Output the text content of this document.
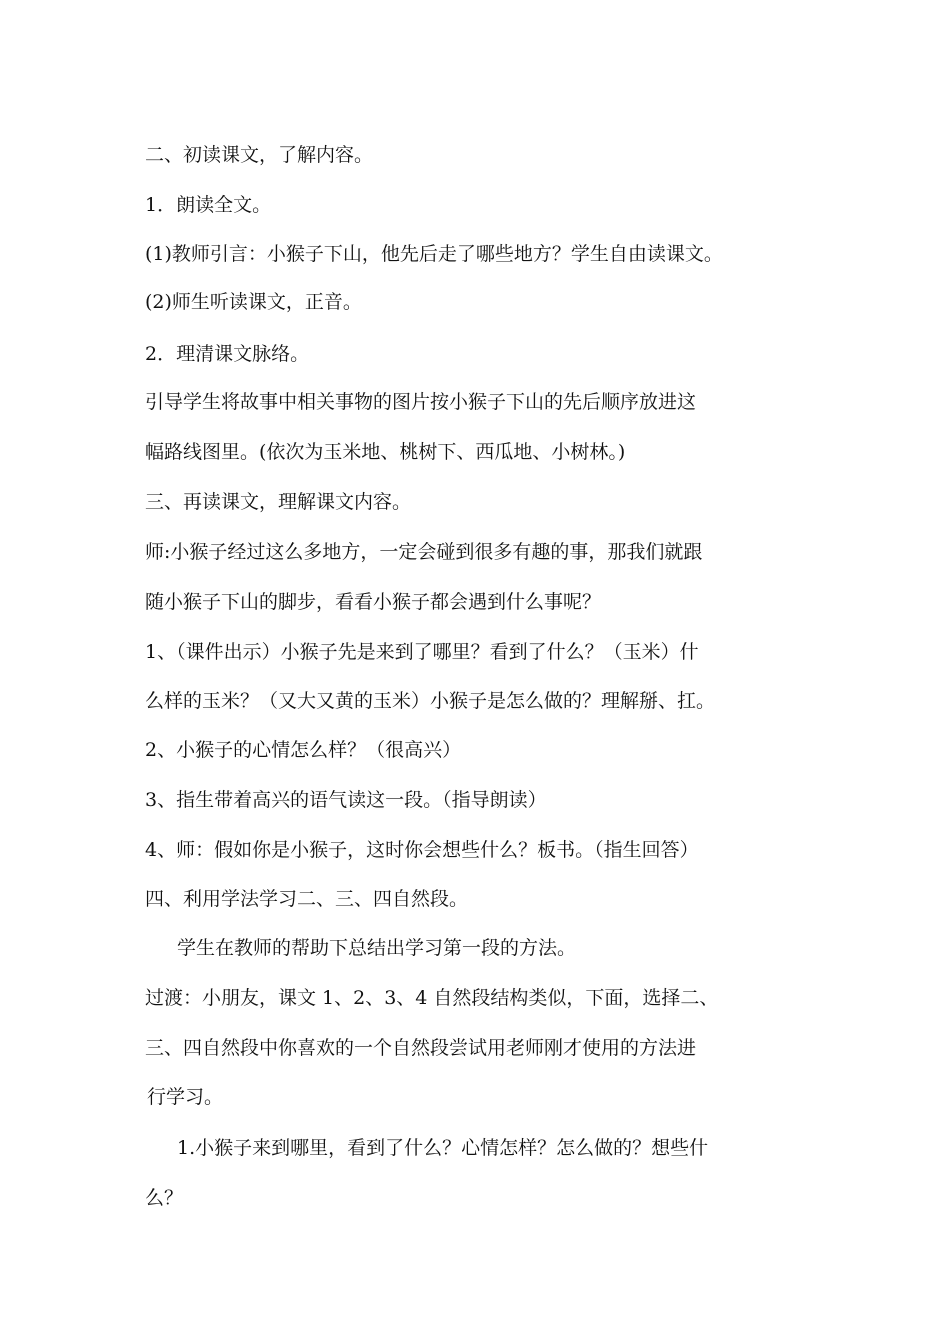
二、初读课文，了解内容。
1．朗读全文。
(1)教师引言：小猴子下山，他先后走了哪些地方？学生自由读课文。
(2)师生听读课文，正音。
2．理清课文脉络。
引导学生将故事中相关事物的图片按小猴子下山的先后顺序放进这
幅路线图里。(依次为玉米地、桃树下、西瓜地、小树林。)
三、再读课文，理解课文内容。
师:小猴子经过这么多地方，一定会碰到很多有趣的事，那我们就跟
随小猴子下山的脚步，看看小猴子都会遇到什么事呢？
1、（课件出示）小猴子先是来到了哪里？看到了什么？（玉米）什
么样的玉米？（又大又黄的玉米）小猴子是怎么做的？理解掰、扛。
2、小猴子的心情怎么样？（很高兴）
3、指生带着高兴的语气读这一段。（指导朗读）
4、师：假如你是小猴子，这时你会想些什么？板书。（指生回答）
四、利用学法学习二、三、四自然段。
学生在教师的帮助下总结出学习第一段的方法。
过渡：小朋友，课文 1、2、3、4 自然段结构类似，下面，选择二、
三、四自然段中你喜欢的一个自然段尝试用老师刚才使用的方法进
行学习。
1.小猴子来到哪里，看到了什么？心情怎样？怎么做的？想些什
么？
